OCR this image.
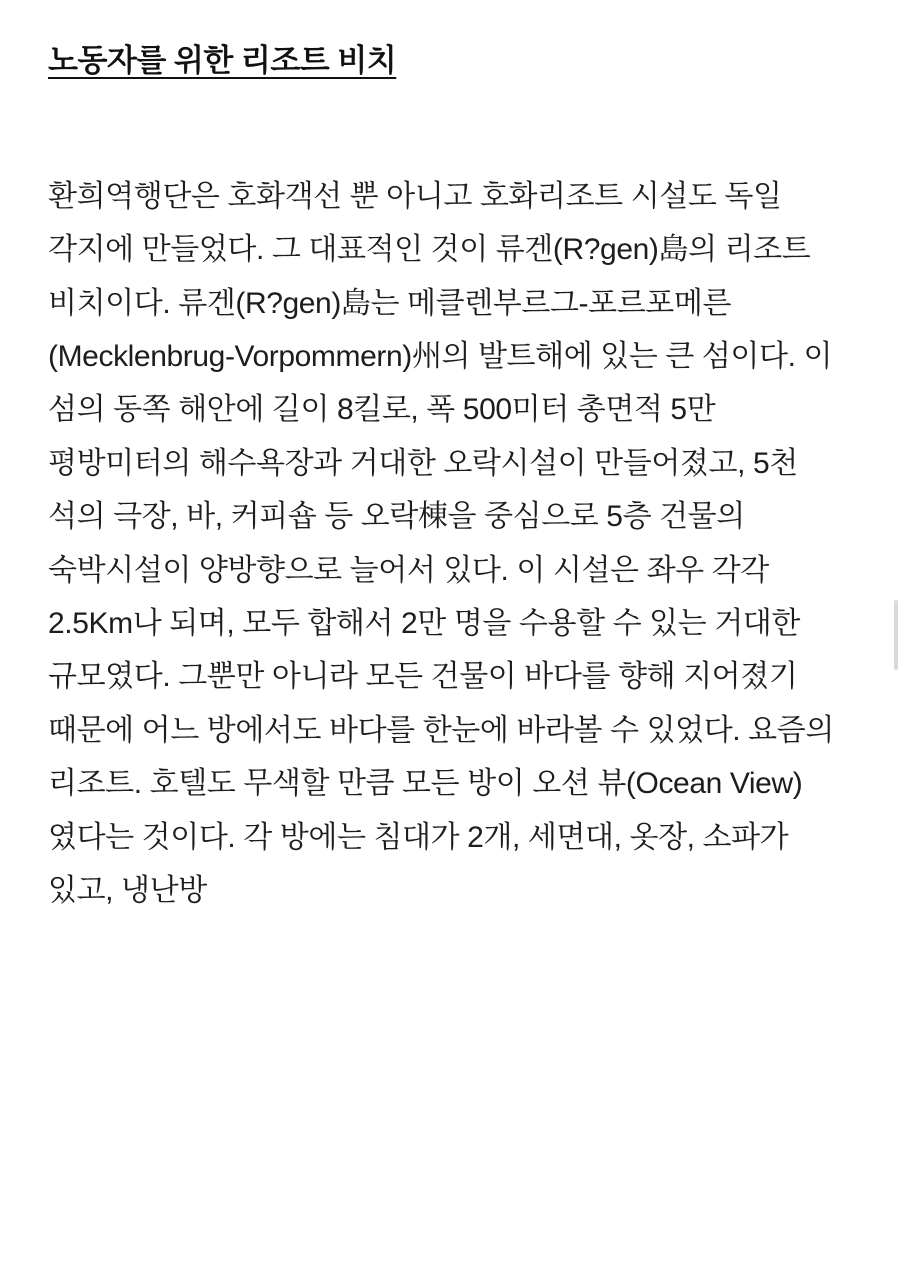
노동자를 위한 리조트 비치

환희역행단은 호화객선 뿐 아니고 호화리조트 시설도 독일 각지에 만들었다. 그 대표적인 것이 류겐(R?gen)島의 리조트 비치이다. 류겐(R?gen)島는 메클렌부르그-포르포메른(Mecklenbrug-Vorpommern)州의 발트해에 있는 큰 섬이다. 이 섬의 동쪽 해안에 길이 8킬로, 폭 500미터 총면적 5만 평방미터의 해수욕장과 거대한 오락시설이 만들어졌고, 5천 석의 극장, 바, 커피숍 등 오락棟을 중심으로 5층 건물의 숙박시설이 양방향으로 늘어서 있다. 이 시설은 좌우 각각 2.5Km나 되며, 모두 합해서 2만 명을 수용할 수 있는 거대한 규모였다. 그뿐만 아니라 모든 건물이 바다를 향해 지어졌기 때문에 어느 방에서도 바다를 한눈에 바라볼 수 있었다. 요즘의 리조트. 호텔도 무색할 만큼 모든 방이 오션 뷰(Ocean View)였다는 것이다. 각 방에는 침대가 2개, 세면대, 옷장, 소파가 있고, 냉난방
